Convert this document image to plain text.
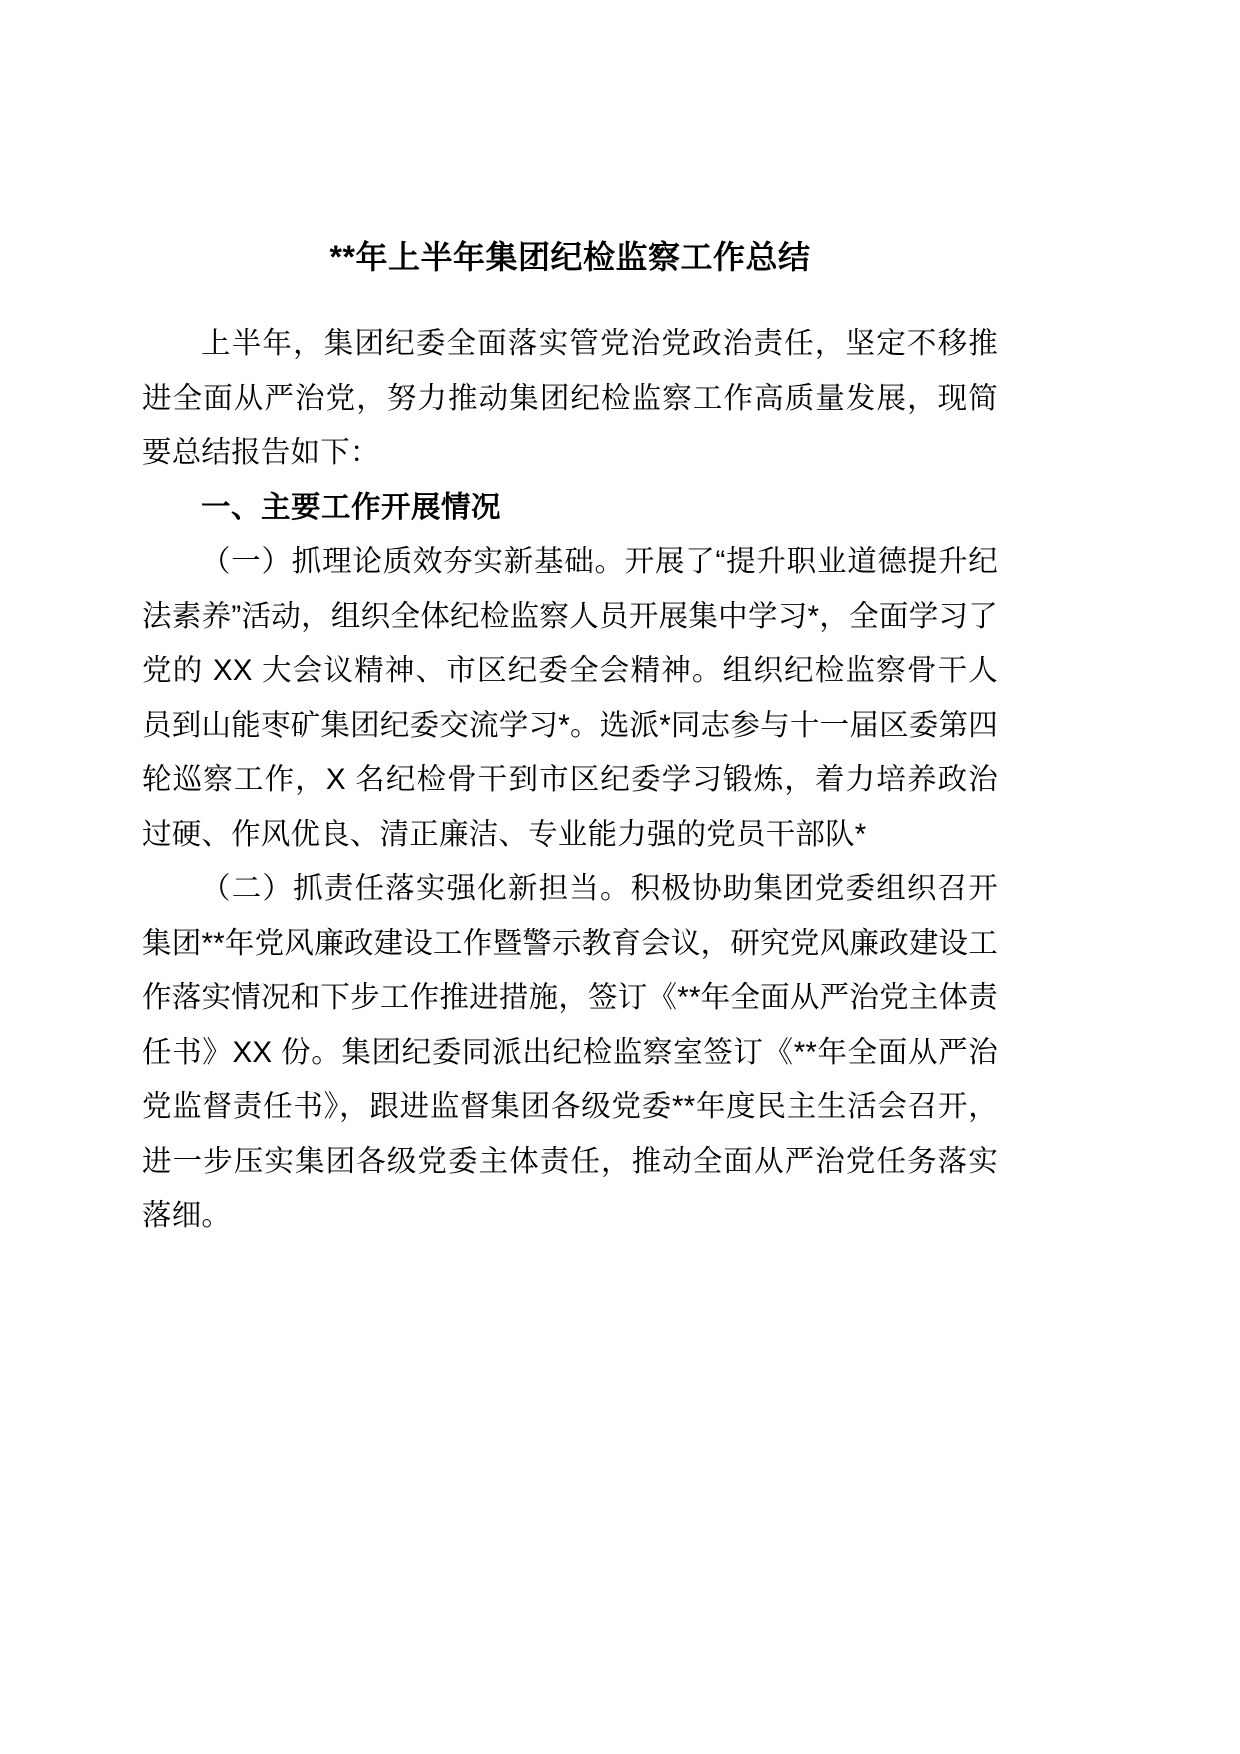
**年上半年集团纪检监察工作总结

上半年，集团纪委全面落实管党治党政治责任，坚定不移推进全面从严治党，努力推动集团纪检监察工作高质量发展，现简要总结报告如下：

一、主要工作开展情况

（一）抓理论质效夯实新基础。开展了“提升职业道德提升纪法素养”活动，组织全体纪检监察人员开展集中学习*，全面学习了党的 XX 大会议精神、市区纪委全会精神。组织纪检监察骨干人员到山能枣矿集团纪委交流学习*。选派*同志参与十一届区委第四轮巡察工作，X 名纪检骨干到市区纪委学习锻炼，着力培养政治过硬、作风优良、清正廉洁、专业能力强的党员干部队*

（二）抓责任落实强化新担当。积极协助集团党委组织召开集团**年党风廉政建设工作暨警示教育会议，研究党风廉政建设工作落实情况和下步工作推进措施，签订《**年全面从严治党主体责任书》XX 份。集团纪委同派出纪检监察室签订《**年全面从严治党监督责任书》，跟进监督集团各级党委**年度民主生活会召开，进一步压实集团各级党委主体责任，推动全面从严治党任务落实落细。
